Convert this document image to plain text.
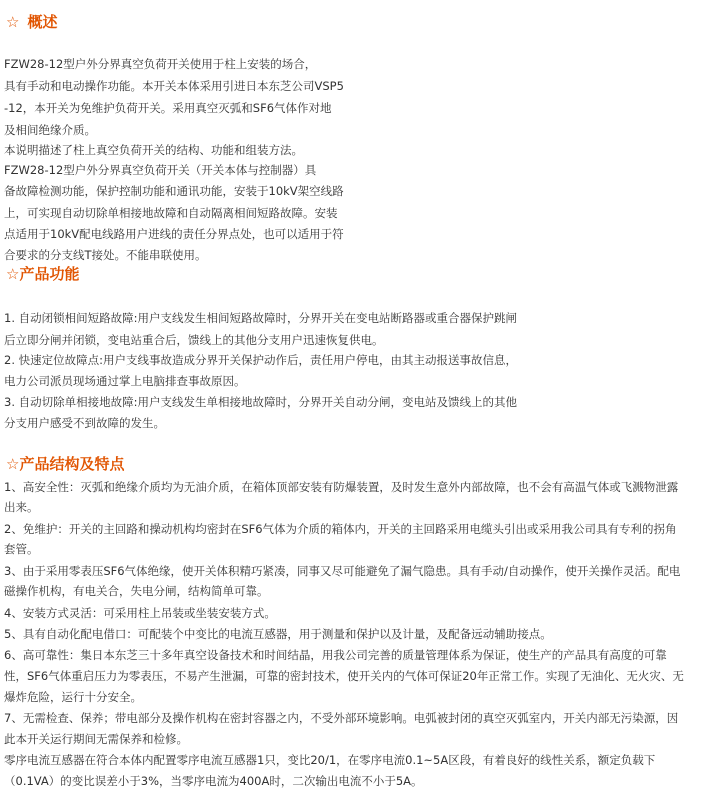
☆ 概述
FZW28-12型户外分界真空负荷开关使用于柱上安装的场合，
具有手动和电动操作功能。本开关本体采用引进日本东芝公司VSP5
-12，本开关为免维护负荷开关。采用真空灭弧和SF6气体作对地
及相间绝缘介质。
本说明描述了柱上真空负荷开关的结构、功能和组装方法。
FZW28-12型户外分界真空负荷开关（开关本体与控制器）具
备故障检测功能，保护控制功能和通讯功能，安装于10kV架空线路
上，可实现自动切除单相接地故障和自动隔离相间短路故障。安装
点适用于10kV配电线路用户进线的责任分界点处，也可以适用于符
合要求的分支线T接处。不能串联使用。
☆产品功能
1. 自动闭锁相间短路故障:用户支线发生相间短路故障时，分界开关在变电站断路器或重合器保护跳闸
后立即分闸并闭锁，变电站重合后，馈线上的其他分支用户迅速恢复供电。
2. 快速定位故障点:用户支线事故造成分界开关保护动作后，责任用户停电，由其主动报送事故信息，
电力公司派员现场通过掌上电脑排查事故原因。
3. 自动切除单相接地故障:用户支线发生单相接地故障时，分界开关自动分闸，变电站及馈线上的其他
分支用户感受不到故障的发生。
☆产品结构及特点
1、高安全性：灭弧和绝缘介质均为无油介质，在箱体顶部安装有防爆装置，及时发生意外内部故障，也不会有高温气体或飞溅物泄露
出来。
2、免维护：开关的主回路和操动机构均密封在SF6气体为介质的箱体内，开关的主回路采用电缆头引出或采用我公司具有专利的拐角
套管。
3、由于采用零表压SF6气体绝缘，使开关体积精巧紧凑，同事又尽可能避免了漏气隐患。具有手动/自动操作，使开关操作灵活。配电
磁操作机构，有电关合，失电分闸，结构简单可靠。
4、安装方式灵活：可采用柱上吊装或坐装安装方式。
5、具有自动化配电借口：可配装个中变比的电流互感器，用于测量和保护以及计量，及配备远动辅助接点。
6、高可靠性：集日本东芝三十多年真空设备技术和时间结晶，用我公司完善的质量管理体系为保证，使生产的产品具有高度的可靠
性，SF6气体重启压力为零表压，不易产生泄漏，可靠的密封技术，使开关内的气体可保证20年正常工作。实现了无油化、无火灾、无
爆炸危险，运行十分安全。
7、无需检查、保养；带电部分及操作机构在密封容器之内，不受外部环境影响。电弧被封闭的真空灭弧室内，开关内部无污染源，因
此本开关运行期间无需保养和检修。
零序电流互感器在符合本体内配置零序电流互感器1只，变比20/1，在零序电流0.1~5A区段，有着良好的线性关系，额定负载下
（0.1VA）的变比误差小于3%，当零序电流为400A时，二次输出电流不小于5A。
